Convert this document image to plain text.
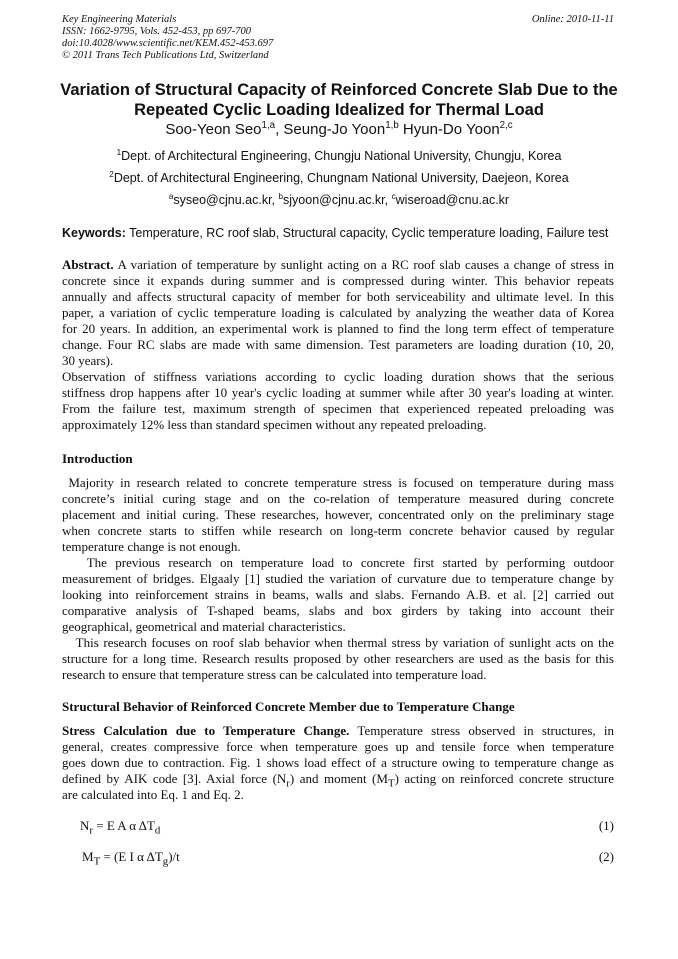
Key Engineering Materials
ISSN: 1662-9795, Vols. 452-453, pp 697-700
doi:10.4028/www.scientific.net/KEM.452-453.697
© 2011 Trans Tech Publications Ltd, Switzerland
Online: 2010-11-11
Variation of Structural Capacity of Reinforced Concrete Slab Due to the Repeated Cyclic Loading Idealized for Thermal Load
Soo-Yeon Seo$^{1,a}$, Seung-Jo Yoon$^{1,b}$ Hyun-Do Yoon$^{2,c}$
$^1$Dept. of Architectural Engineering, Chungju National University, Chungju, Korea
$^2$Dept. of Architectural Engineering, Chungnam National University, Daejeon, Korea
$^a$syseo@cjnu.ac.kr, $^b$sjyoon@cjnu.ac.kr, $^c$wiseroad@cnu.ac.kr
Keywords: Temperature, RC roof slab, Structural capacity, Cyclic temperature loading, Failure test
Abstract. A variation of temperature by sunlight acting on a RC roof slab causes a change of stress in
concrete since it expands during summer and is compressed during winter. This behavior repeats
annually and affects structural capacity of member for both serviceability and ultimate level. In this
paper, a variation of cyclic temperature loading is calculated by analyzing the weather data of Korea
for 20 years. In addition, an experimental work is planned to find the long term effect of temperature
change. Four RC slabs are made with same dimension. Test parameters are loading duration (10, 20,
30 years).
Observation of stiffness variations according to cyclic loading duration shows that the serious
stiffness drop happens after 10 year's cyclic loading at summer while after 30 year's loading at winter.
From the failure test, maximum strength of specimen that experienced repeated preloading was
approximately 12% less than standard specimen without any repeated preloading.
Introduction
Majority in research related to concrete temperature stress is focused on temperature during mass
concrete’s initial curing stage and on the co-relation of temperature measured during concrete
placement and initial curing. These researches, however, concentrated only on the preliminary stage
when concrete starts to stiffen while research on long-term concrete behavior caused by regular
temperature change is not enough.
The previous research on temperature load to concrete first started by performing outdoor
measurement of bridges. Elgaaly [1] studied the variation of curvature due to temperature change by
looking into reinforcement strains in beams, walls and slabs. Fernando A.B. et al. [2] carried out
comparative analysis of T-shaped beams, slabs and box girders by taking into account their
geographical, geometrical and material characteristics.
This research focuses on roof slab behavior when thermal stress by variation of sunlight acts on the
structure for a long time. Research results proposed by other researchers are used as the basis for this
research to ensure that temperature stress can be calculated into temperature load.
Structural Behavior of Reinforced Concrete Member due to Temperature Change
Stress Calculation due to Temperature Change. Temperature stress observed in structures, in
general, creates compressive force when temperature goes up and tensile force when temperature
goes down due to contraction. Fig. 1 shows load effect of a structure owing to temperature change as
defined by AIK code [3]. Axial force $(N_r)$ and moment $(M_T)$ acting on reinforced concrete structure
are calculated into Eq. 1 and Eq. 2.
$N_r = E$ A α $\Delta T_d$	(1)
$M_T = (E$ I α $\Delta T_g)/t$	(2)
